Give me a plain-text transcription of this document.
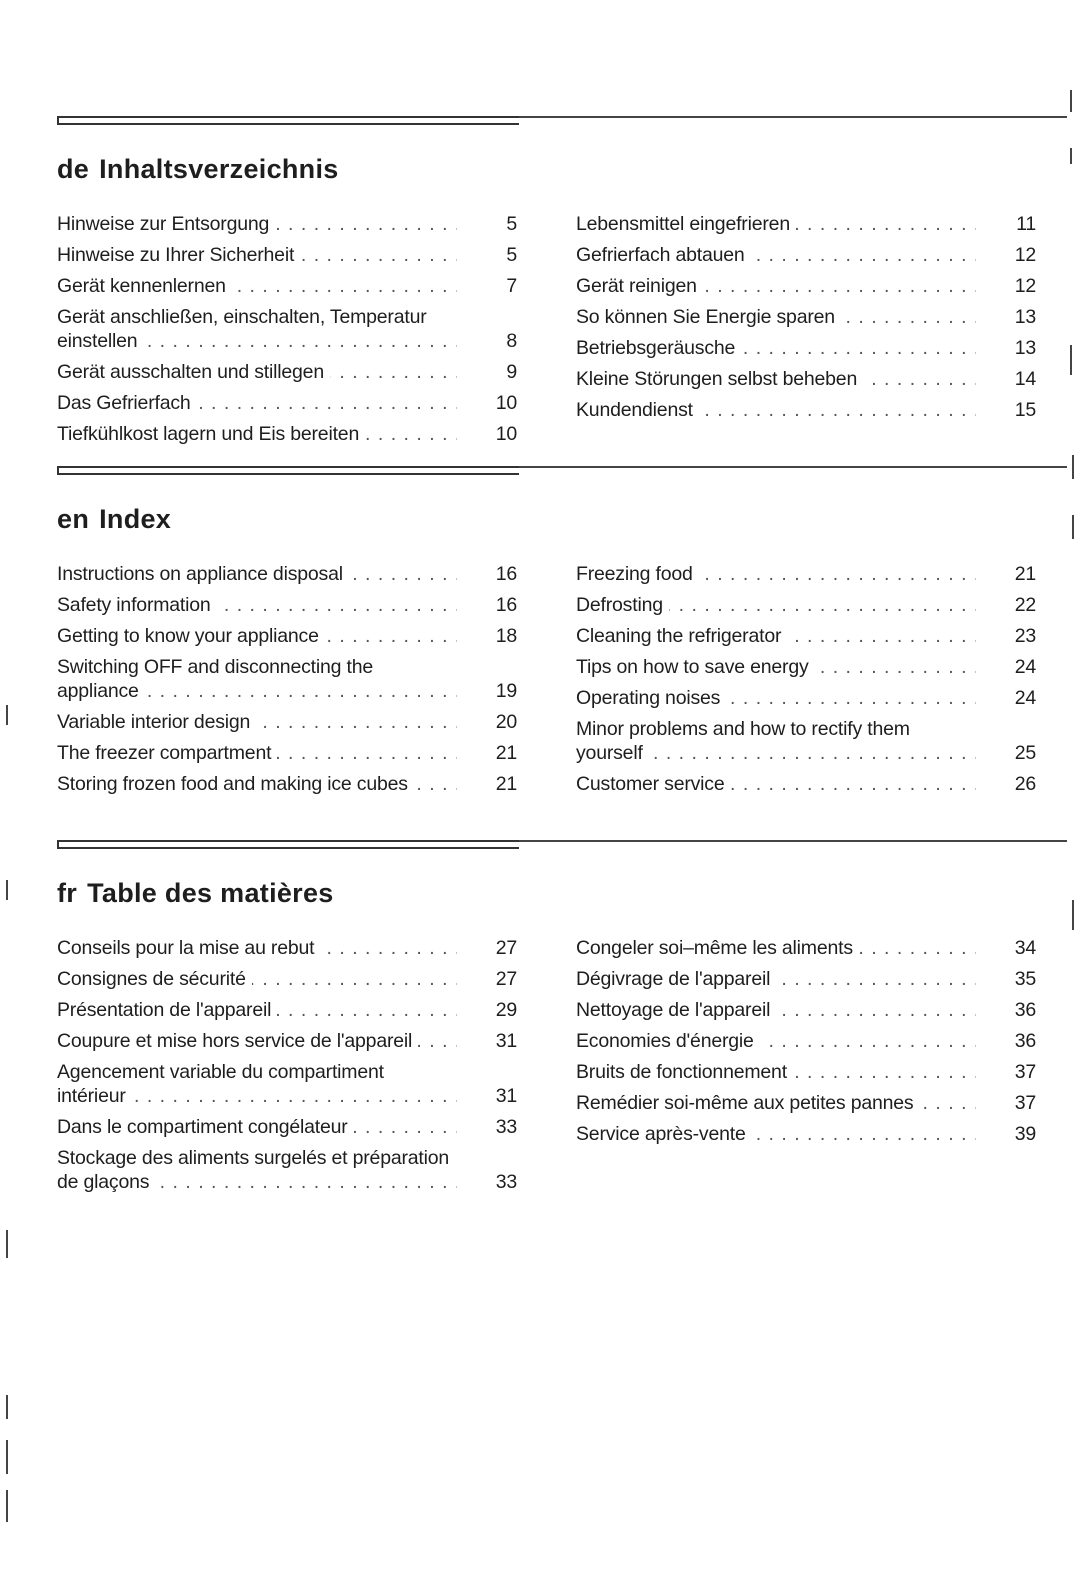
de Inhaltsverzeichnis
Hinweise zur Entsorgung . . .	5
Hinweise zu Ihrer Sicherheit . . .	5
Gerät kennenlernen . . .	7
Gerät anschließen, einschalten, Temperatur einstellen . . .	8
Gerät ausschalten und stillegen . . .	9
Das Gefrierfach . . .	10
Tiefkühlkost lagern und Eis bereiten . . .	10
Lebensmittel eingefrieren . . .	11
Gefrierfach abtauen . . .	12
Gerät reinigen . . .	12
So können Sie Energie sparen . . .	13
Betriebsgeräusche . . .	13
Kleine Störungen selbst beheben . . .	14
Kundendienst . . .	15
en Index
Instructions on appliance disposal . . .	16
Safety information . . .	16
Getting to know your appliance . . .	18
Switching OFF and disconnecting the appliance . . .	19
Variable interior design . . .	20
The freezer compartment . . .	21
Storing frozen food and making ice cubes . . .	21
Freezing food . . .	21
Defrosting . . .	22
Cleaning the refrigerator . . .	23
Tips on how to save energy . . .	24
Operating noises . . .	24
Minor problems and how to rectify them yourself . . .	25
Customer service . . .	26
fr Table des matières
Conseils pour la mise au rebut . . .	27
Consignes de sécurité . . .	27
Présentation de l'appareil . . .	29
Coupure et mise hors service de l'appareil . . .	31
Agencement variable du compartiment intérieur . . .	31
Dans le compartiment congélateur . . .	33
Stockage des aliments surgelés et préparation de glaçons . . .	33
Congeler soi–même les aliments . . .	34
Dégivrage de l'appareil . . .	35
Nettoyage de l'appareil . . .	36
Economies d'énergie . . .	36
Bruits de fonctionnement . . .	37
Remédier soi-même aux petites pannes . . .	37
Service après-vente . . .	39
